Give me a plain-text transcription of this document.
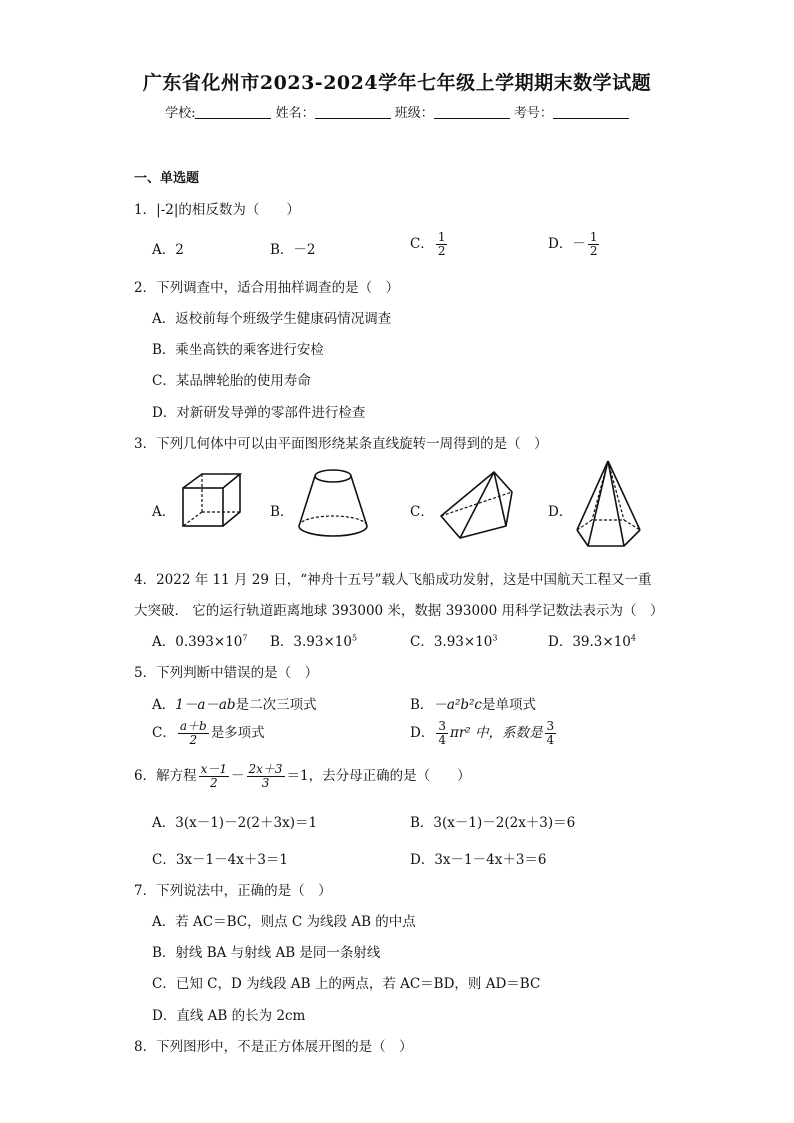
广东省化州市2023-2024学年七年级上学期期末数学试题
学校:	姓名：	班级：	考号：
一、单选题
1．|-2|的相反数为（　　）
A．2	B．－2	C． $\frac{1}{2}$	D．－ $\frac{1}{2}$
2．下列调查中，适合用抽样调查的是（　）
A．返校前每个班级学生健康码情况调查
B．乘坐高铁的乘客进行安检
C．某品牌轮胎的使用寿命
D．对新研发导弹的零部件进行检查
3．下列几何体中可以由平面图形绕某条直线旋转一周得到的是（　）
A．	B．	C．	D．
4．2022 年 11 月 29 日，“神舟十五号”载人飞船成功发射，这是中国航天工程又一重
大突破． 它的运行轨道距离地球 393000 米，数据 393000 用科学记数法表示为（　）
A．$0.393\times 10^7$ B．$3.93\times 10^5$	C．$3.93\times 10^3$	D．$39.3\times 10^4$
5．下列判断中错误的是（　）
A．1－a－ab是二次三项式	B．－a²b²c是单项式
C． $\frac{a+b}{2}$ 是多项式	D． $\frac{3}{4} \pi r^2$ 中，系数是 $\frac{3}{4}$
6．解方程 $\frac{x-1}{2} - \frac{2x+3}{3} =1$，去分母正确的是（　　）
A．3(x－1)－2(2＋3x)＝1	B．3(x－1)－2(2x＋3)＝6
C．3x－1－4x＋3＝1	D．3x－1－4x＋3＝6
7．下列说法中，正确的是（　）
A．若 AC＝BC，则点 C 为线段 AB 的中点
B．射线 BA 与射线 AB 是同一条射线
C．已知 C，D 为线段 AB 上的两点，若 AC＝BD，则 AD＝BC
D．直线 AB 的长为 2cm
8．下列图形中，不是正方体展开图的是（　）
